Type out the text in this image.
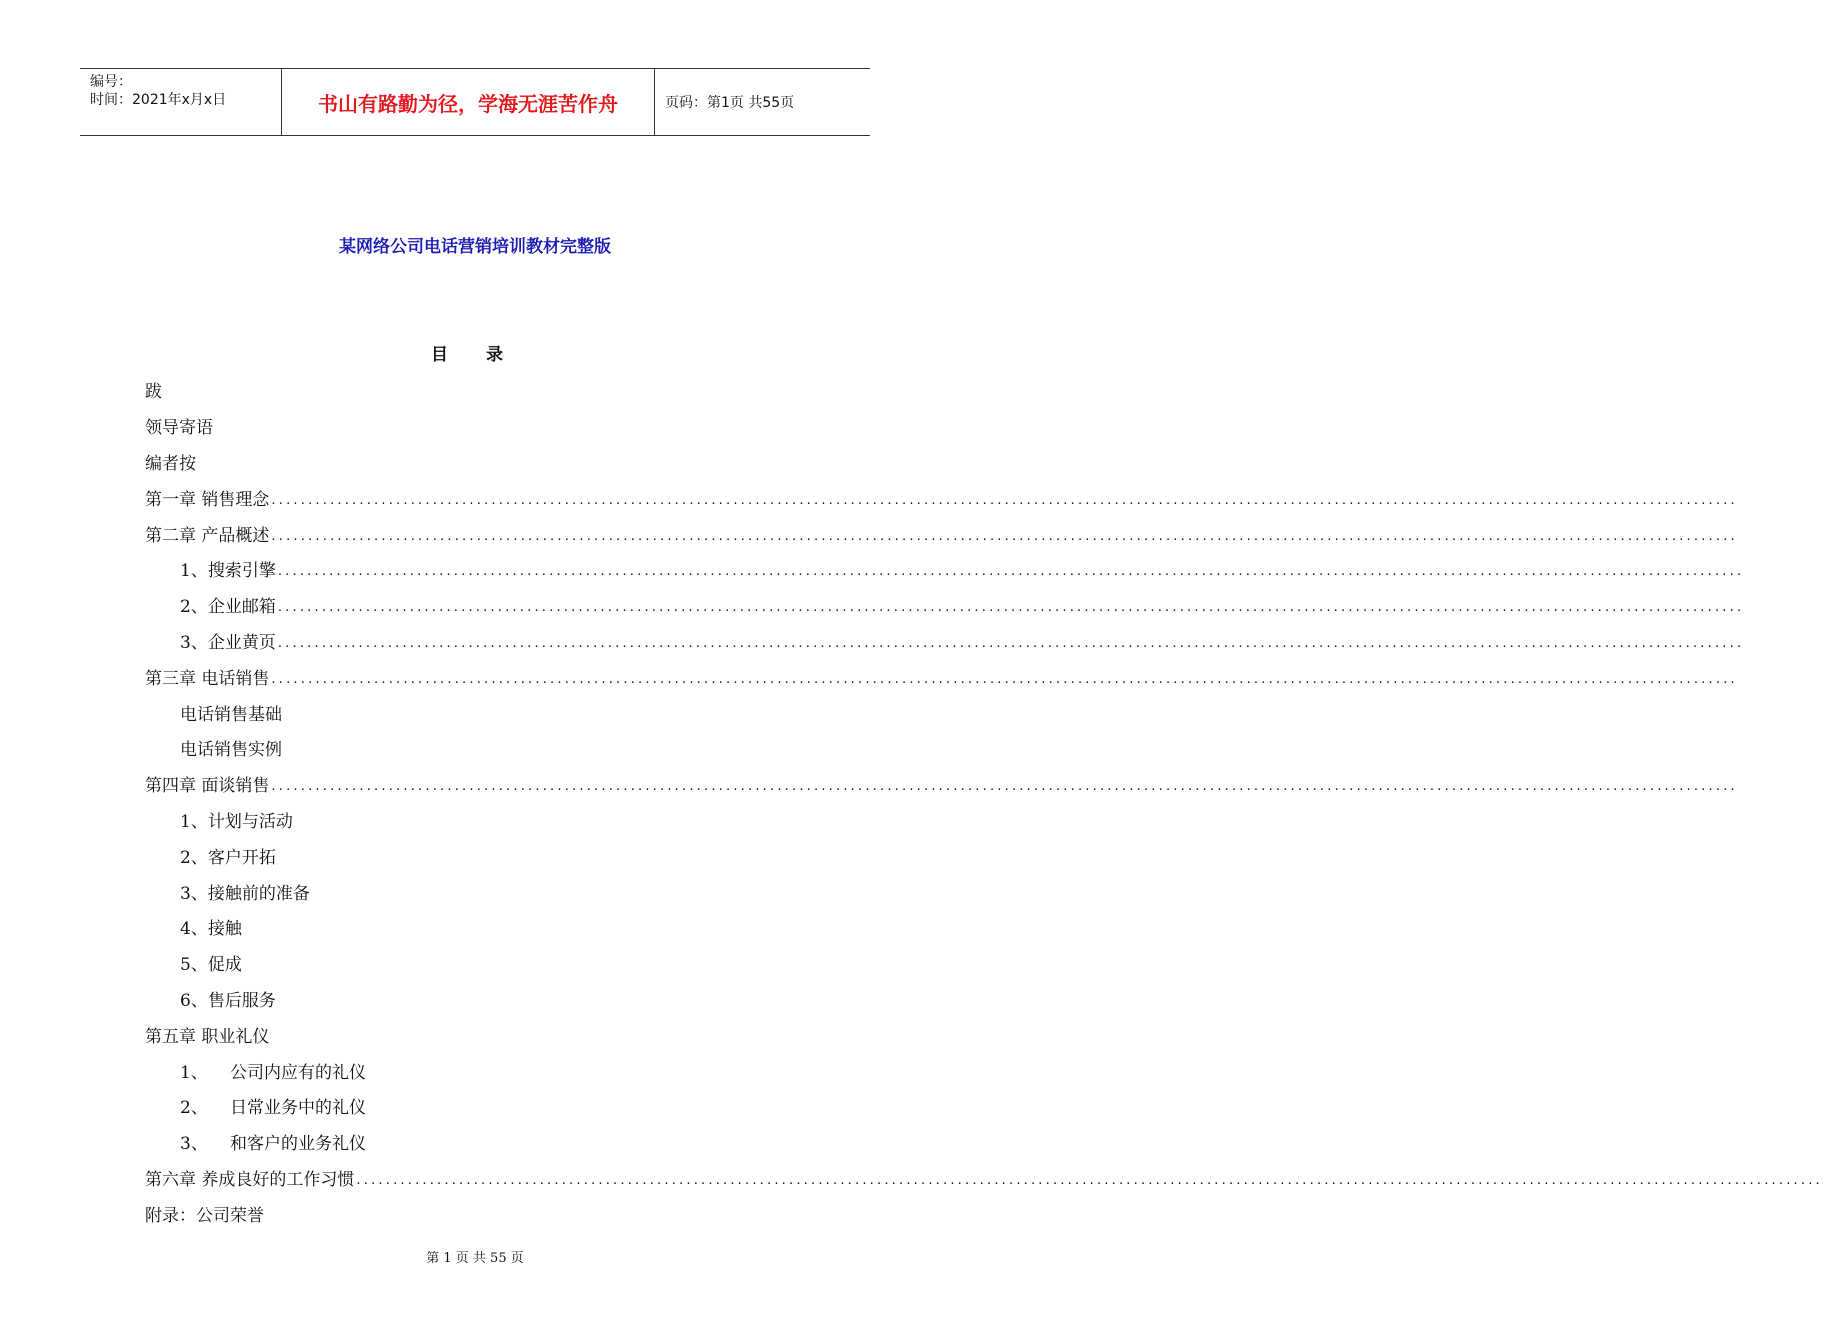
编号：
时间：2021年x月x日	书山有路勤为径，学海无涯苦作舟	页码：第1页 共55页
某网络公司电话营销培训教材完整版
目 录
跋
领导寄语
编者按
第一章 销售理念 ........................................................................................................................................................................................................
第二章 产品概述 ........................................................................................................................................................................................................
1、 搜索引擎 ........................................................................................................................................................................................................
2、 企业邮箱 ........................................................................................................................................................................................................
3、 企业黄页 ........................................................................................................................................................................................................
第三章 电话销售 ........................................................................................................................................................................................................
电话销售基础
电话销售实例
第四章 面谈销售 ........................................................................................................................................................................................................
1、计划与活动
2、客户开拓
3、接触前的准备
4、接触
5、促成
6、售后服务
第五章 职业礼仪
1、	公司内应有的礼仪
2、	日常业务中的礼仪
3、	和客户的业务礼仪
第六章 养成良好的工作习惯 ........................................................................................................................................................................................................
附录：公司荣誉
第 1 页 共 55 页
